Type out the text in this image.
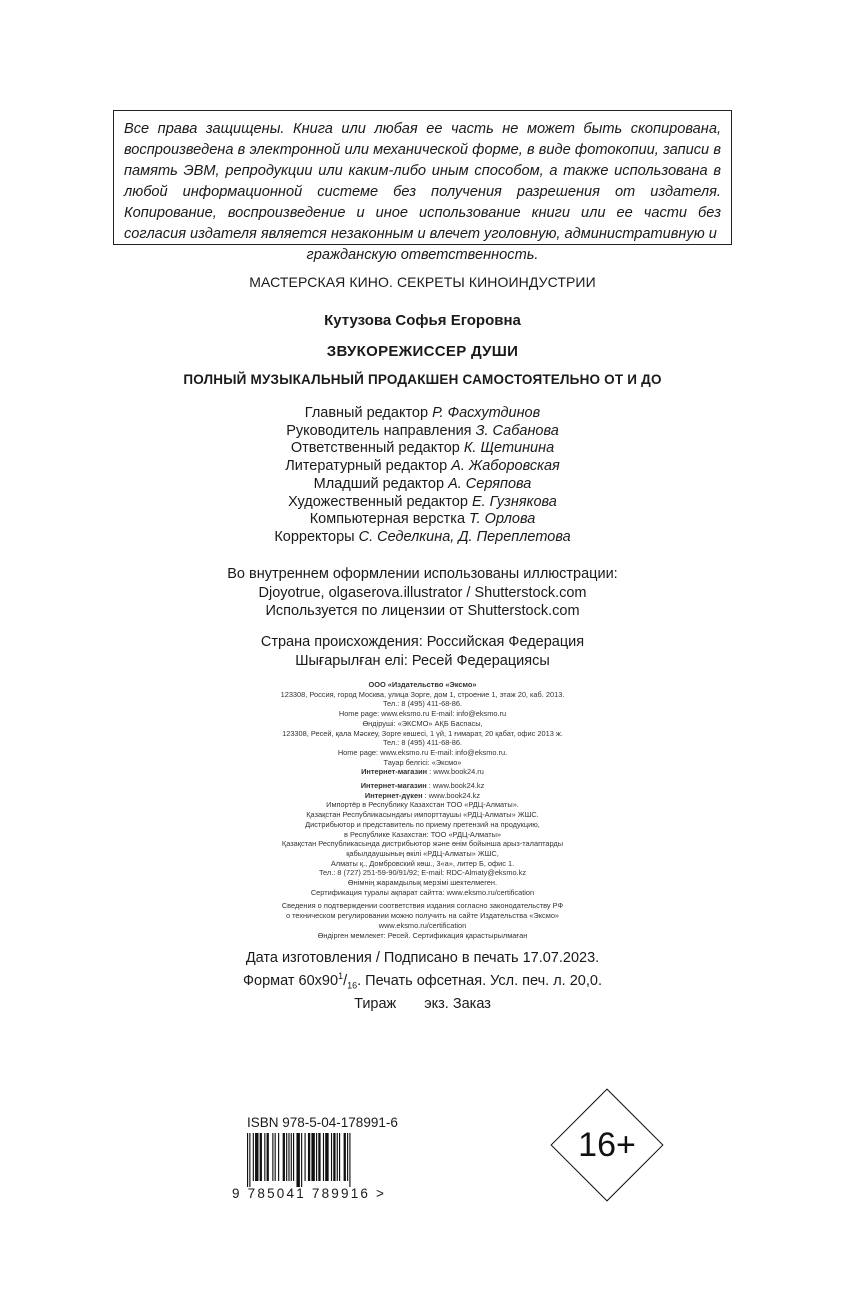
Все права защищены. Книга или любая ее часть не может быть скопирована, воспроизведена в электронной или механической форме, в виде фотокопии, записи в память ЭВМ, репродукции или каким-либо иным способом, а также использована в любой информационной системе без получения разрешения от издателя. Копирование, воспроизведение и иное использование книги или ее части без согласия издателя является незаконным и влечет уголовную, административную и
гражданскую ответственность.
МАСТЕРСКАЯ КИНО. СЕКРЕТЫ КИНОИНДУСТРИИ
Кутузова Софья Егоровна
ЗВУКОРЕЖИССЕР ДУШИ
ПОЛНЫЙ МУЗЫКАЛЬНЫЙ ПРОДАКШЕН САМОСТОЯТЕЛЬНО ОТ И ДО
Главный редактор Р. Фасхутдинов
Руководитель направления З. Сабанова
Ответственный редактор К. Щетинина
Литературный редактор А. Жаборовская
Младший редактор А. Серяпова
Художественный редактор Е. Гузнякова
Компьютерная верстка Т. Орлова
Корректоры С. Седелкина, Д. Переплетова
Во внутреннем оформлении использованы иллюстрации:
Djoyotrue, olgaserova.illustrator / Shutterstock.com
Используется по лицензии от Shutterstock.com
Страна происхождения: Российская Федерация
Шығарылған елі: Ресей Федерациясы
ООО «Издательство «Эксмо»
123308, Россия, город Москва, улица Зорге, дом 1, строение 1, этаж 20, каб. 2013.
Тел.: 8 (495) 411-68-86.
Home page: www.eksmo.ru E-mail: info@eksmo.ru
Өндіруші: «ЭКСМО» АҚБ Баспасы,
123308, Ресей, қала Мәскеу, Зорге көшесі, 1 үй, 1 ғимарат, 20 қабат, офис 2013 ж.
Тел.: 8 (495) 411-68-86.
Home page: www.eksmo.ru E-mail: info@eksmo.ru.
Тауар белгісі: «Эксмо»
Интернет-магазин : www.book24.ru
Интернет-магазин : www.book24.kz
Интернет-дүкен : www.book24.kz
Импортёр в Республику Казахстан ТОО «РДЦ-Алматы».
Қазақстан Республикасындағы импорттаушы «РДЦ-Алматы» ЖШС.
Дистрибьютор и представитель по приему претензий на продукцию,
в Республике Казахстан: ТОО «РДЦ-Алматы»
Қазақстан Республикасында дистрибьютор және өнім бойынша арыз-талаптарды
қабылдаушының өкілі «РДЦ-Алматы» ЖШС,
Алматы қ., Домбровский көш., 3«а», литер Б, офис 1.
Тел.: 8 (727) 251-59-90/91/92; E-mail: RDC-Almaty@eksmo.kz
Өнімнің жарамдылық мерзімі шектелмеген.
Сертификация туралы ақпарат сайтта: www.eksmo.ru/certification
Сведения о подтверждении соответствия издания согласно законодательству РФ
о техническом регулировании можно получить на сайте Издательства «Эксмо»
www.eksmo.ru/certification
Өндірген мемлекет: Ресей. Сертификация қарастырылмаған
Дата изготовления / Подписано в печать 17.07.2023.
Формат $60x90^1/_{16}$. Печать офсетная. Усл. печ. л. 20,0.
Тираж экз. Заказ
ISBN 978-5-04-178991-6
9 785041 789916 >
16+
